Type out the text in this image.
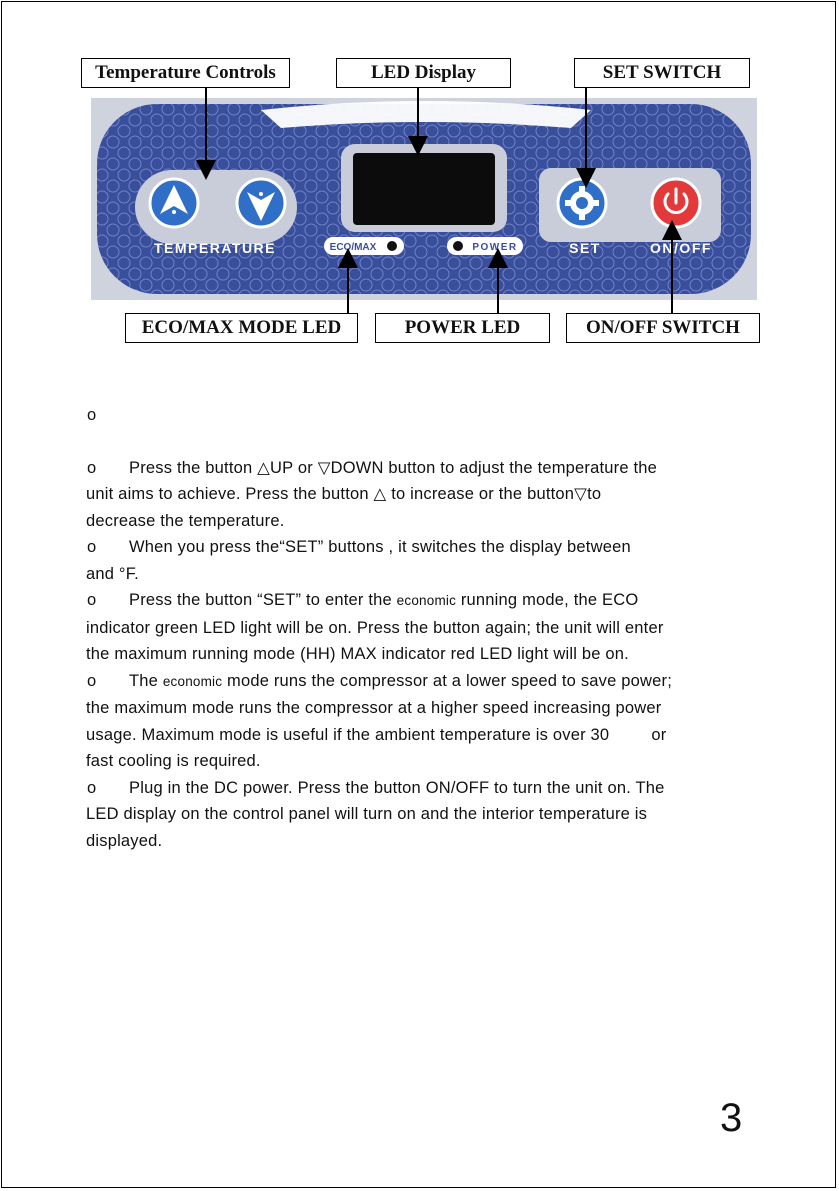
Temperature Controls	LED Display	SET SWITCH
ECO/MAX MODE LED	POWER LED	ON/OFF SWITCH
TEMPERATURE	ECO/MAX	POWER	SET	ON/OFF

o

o Press the button △UP or ▽DOWN button to adjust the temperature the

unit aims to achieve. Press the button △ to increase or the button▽to

decrease the temperature.

o When you press the“SET” buttons , it switches the display between

and °F.

o Press the button “SET” to enter the economic running mode, the ECO

indicator green LED light will be on. Press the button again; the unit will enter

the maximum running mode (HH) MAX indicator red LED light will be on.

o The economic mode runs the compressor at a lower speed to save power;

the maximum mode runs the compressor at a higher speed increasing power

usage. Maximum mode is useful if the ambient temperature is over 30	or

fast cooling is required.

o Plug in the DC power. Press the button ON/OFF to turn the unit on. The

LED display on the control panel will turn on and the interior temperature is

displayed.

3
